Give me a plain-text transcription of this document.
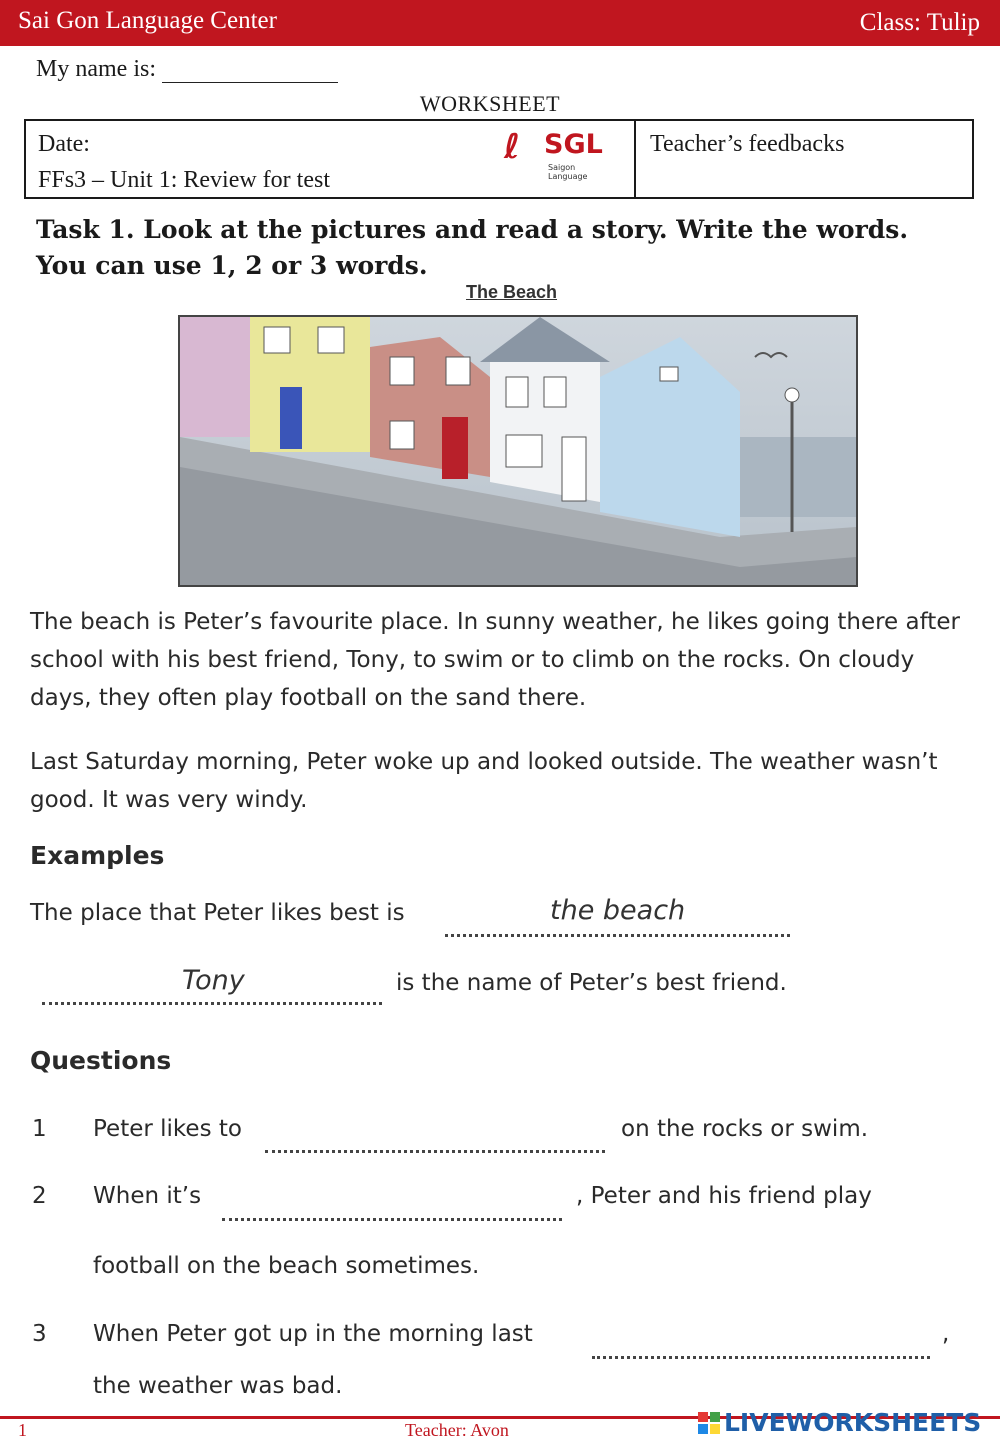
Sai Gon Language Center	Class: Tulip
My name is:
WORKSHEET
Date:
FFs3 – Unit 1: Review for test
ℓ SGL
Saigon Language
Teacher’s feedbacks
Task 1. Look at the pictures and read a story. Write the words. You can use 1, 2 or 3 words.
The Beach

The beach is Peter’s favourite place. In sunny weather, he likes going there after school with his best friend, Tony, to swim or to climb on the rocks. On cloudy days, they often play football on the sand there.
Last Saturday morning, Peter woke up and looked outside. The weather wasn’t good. It was very windy.
Examples
The place that Peter likes best is	the beach
Tony	is the name of Peter’s best friend.
Questions
1 Peter likes to	on the rocks or swim.
2 When it’s	, Peter and his friend play
football on the beach sometimes.
3 When Peter got up in the morning last	,
the weather was bad.
1	Teacher: Avon	LIVEWORKSHEETS
